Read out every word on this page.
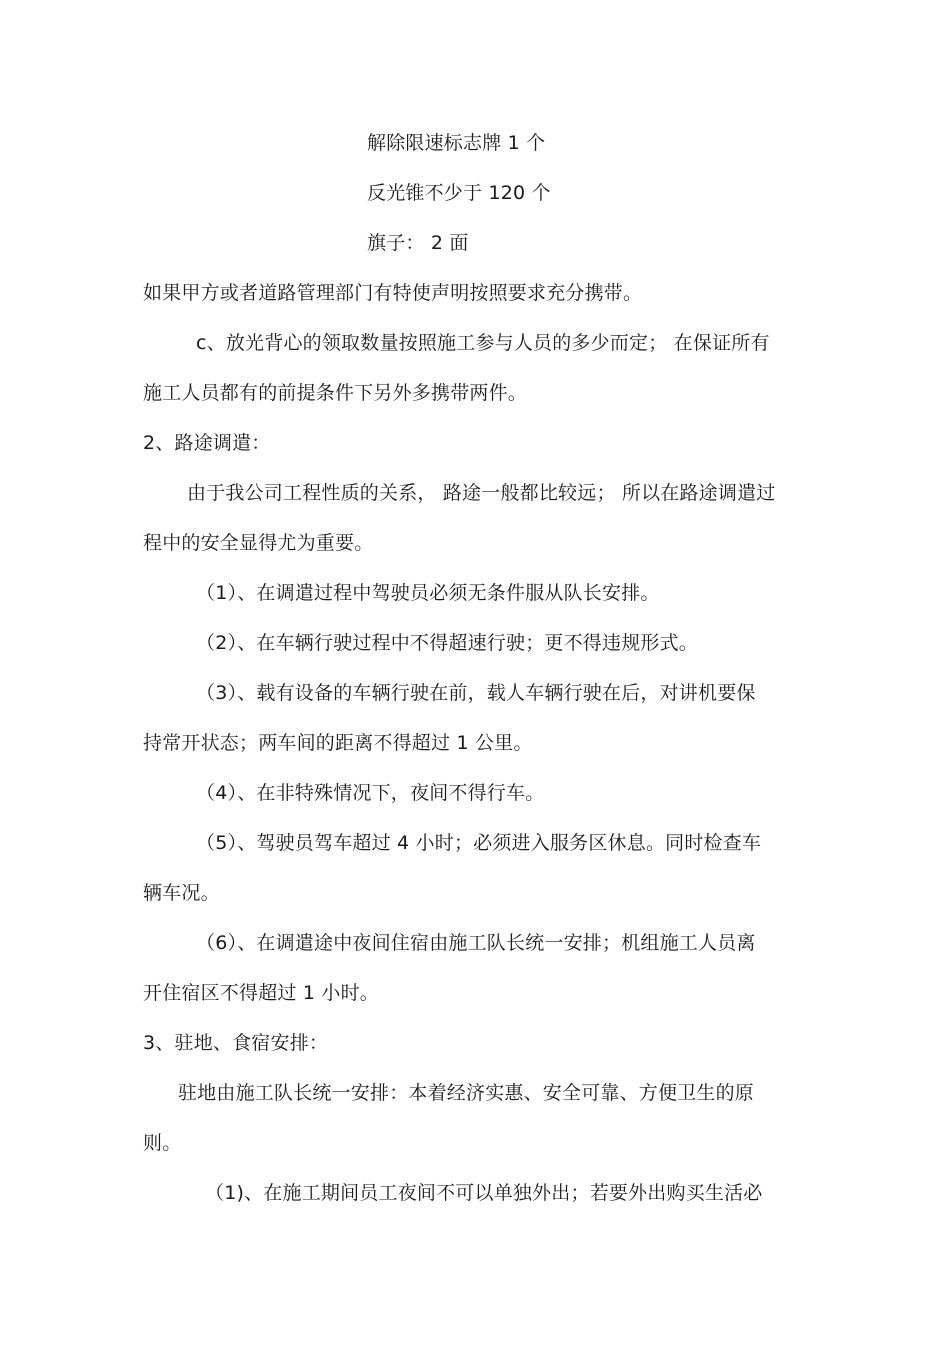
解除限速标志牌 1 个
反光锥不少于 120 个
旗子： 2 面
如果甲方或者道路管理部门有特使声明按照要求充分携带。
c、放光背心的领取数量按照施工参与人员的多少而定； 在保证所有
施工人员都有的前提条件下另外多携带两件。
2、路途调遣：
由于我公司工程性质的关系， 路途一般都比较远； 所以在路途调遣过
程中的安全显得尤为重要。
（1）、在调遣过程中驾驶员必须无条件服从队长安排。
（2）、在车辆行驶过程中不得超速行驶；更不得违规形式。
（3）、载有设备的车辆行驶在前，载人车辆行驶在后，对讲机要保
持常开状态；两车间的距离不得超过 1 公里。
（4）、在非特殊情况下，夜间不得行车。
（5）、驾驶员驾车超过 4 小时；必须进入服务区休息。同时检查车
辆车况。
（6）、在调遣途中夜间住宿由施工队长统一安排；机组施工人员离
开住宿区不得超过 1 小时。
3、驻地、食宿安排：
驻地由施工队长统一安排：本着经济实惠、安全可靠、方便卫生的原
则。
（1)、在施工期间员工夜间不可以单独外出；若要外出购买生活必
